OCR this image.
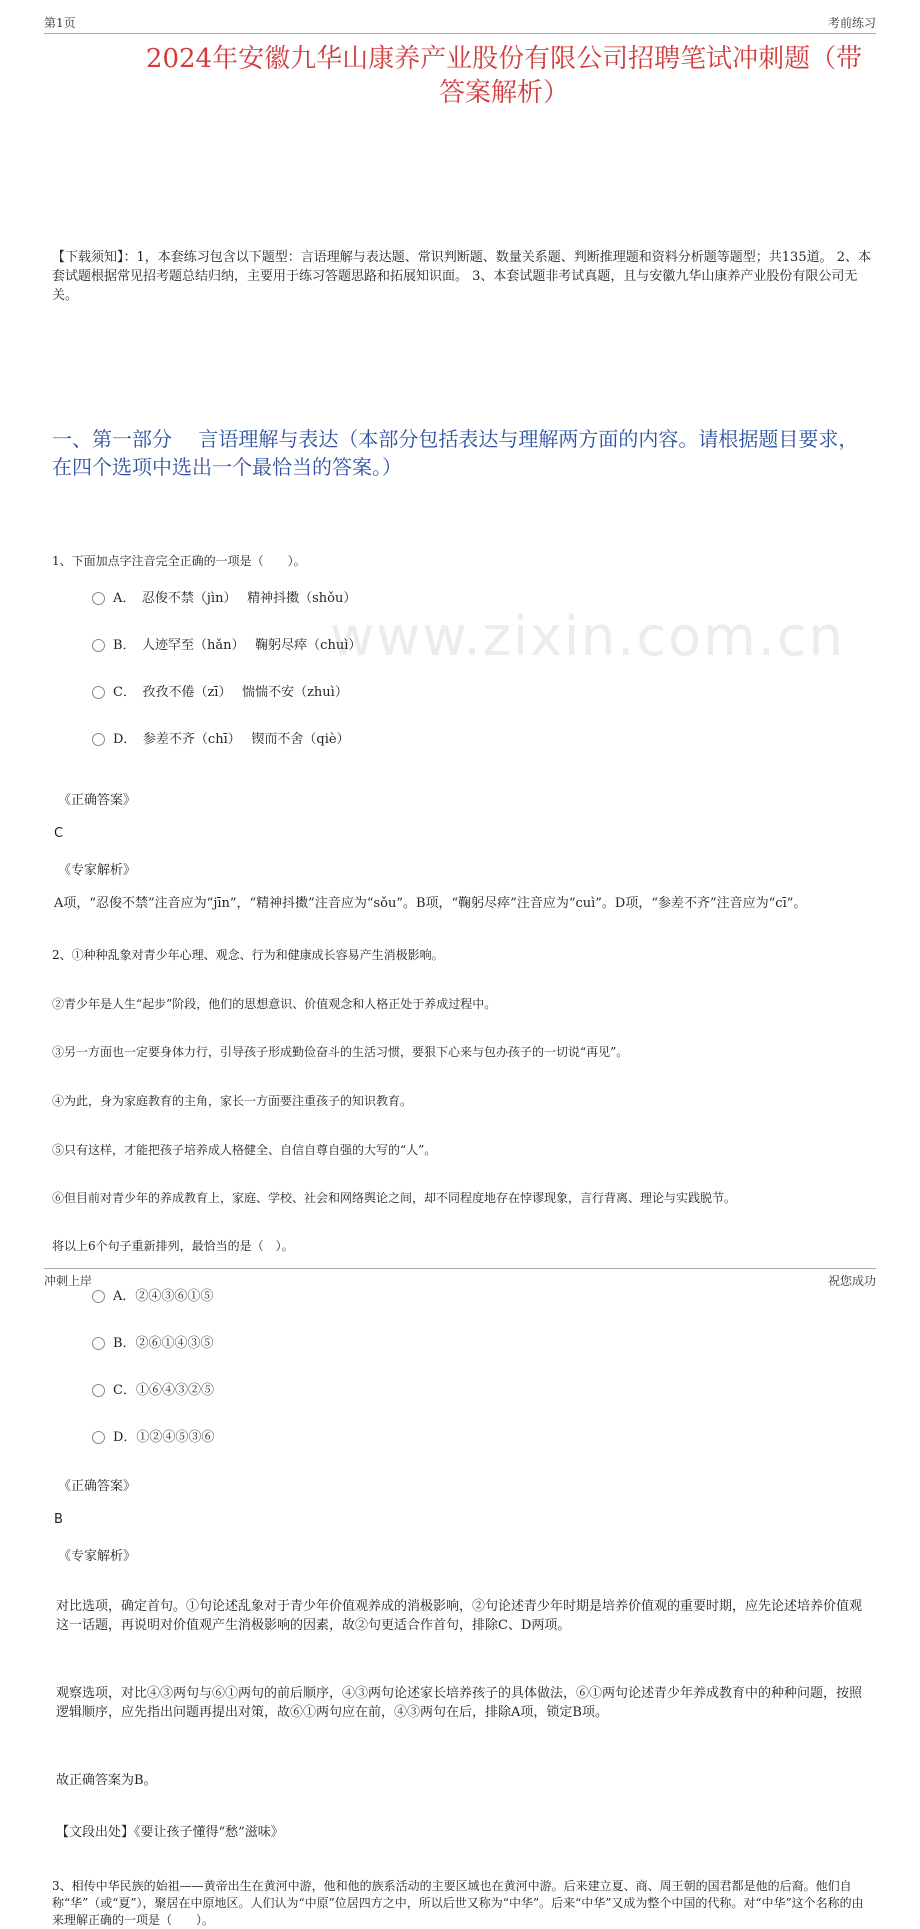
www.zixin.com.cn
第1页	考前练习
2024年安徽九华山康养产业股份有限公司招聘笔试冲刺题（带
答案解析）
【下载须知】：1，本套练习包含以下题型：言语理解与表达题、常识判断题、数量关系题、判断推理题和资料分析题等题型；共135道。 2、本套试题根据常见招考题总结归纳，主要用于练习答题思路和拓展知识面。 3、本套试题非考试真题，且与安徽九华山康养产业股份有限公司无关。
一、第一部分　 言语理解与表达（本部分包括表达与理解两方面的内容。请根据题目要求，在四个选项中选出一个最恰当的答案。）
1、下面加点字注音完全正确的一项是（　　）。
A．　忍俊不禁（jìn）　 精神抖擞（shǒu）
B．　人迹罕至（hǎn）　 鞠躬尽瘁（chuì）
C．　孜孜不倦（zī）　 惴惴不安（zhuì）
D．　参差不齐（chī）　 锲而不舍（qiè）
《正确答案》
C
《专家解析》
A项，“忍俊不禁”注音应为“jīn”，“精神抖擞”注音应为“sǒu”。B项，“鞠躬尽瘁”注音应为“cuì”。D项，“参差不齐”注音应为“cī”。
2、①种种乱象对青少年心理、观念、行为和健康成长容易产生消极影响。
②青少年是人生“起步”阶段，他们的思想意识、价值观念和人格正处于养成过程中。
③另一方面也一定要身体力行，引导孩子形成勤俭奋斗的生活习惯，要狠下心来与包办孩子的一切说“再见”。
④为此，身为家庭教育的主角，家长一方面要注重孩子的知识教育。
⑤只有这样，才能把孩子培养成人格健全、自信自尊自强的大写的“人”。
⑥但目前对青少年的养成教育上，家庭、学校、社会和网络舆论之间，却不同程度地存在悖谬现象，言行背离、理论与实践脱节。
将以上6个句子重新排列，最恰当的是（　）。
A．②④③⑥①⑤
B．②⑥①④③⑤
C．①⑥④③②⑤
D．①②④⑤③⑥
《正确答案》
B
《专家解析》
对比选项，确定首句。①句论述乱象对于青少年价值观养成的消极影响，②句论述青少年时期是培养价值观的重要时期，应先论述培养价值观这一话题，再说明对价值观产生消极影响的因素，故②句更适合作首句，排除C、D两项。
观察选项，对比④③两句与⑥①两句的前后顺序，④③两句论述家长培养孩子的具体做法，⑥①两句论述青少年养成教育中的种种问题，按照逻辑顺序，应先指出问题再提出对策，故⑥①两句应在前，④③两句在后，排除A项，锁定B项。
故正确答案为B。
【文段出处】《要让孩子懂得“愁”滋味》
3、相传中华民族的始祖——黄帝出生在黄河中游，他和他的族系活动的主要区域也在黄河中游。后来建立夏、商、周王朝的国君都是他的后裔。他们自称“华”（或“夏”），聚居在中原地区。人们认为“中原”位居四方之中，所以后世又称为“中华”。后来“中华”又成为整个中国的代称。对“中华”这个名称的由来理解正确的一项是（　　）。
冲刺上岸	祝您成功
